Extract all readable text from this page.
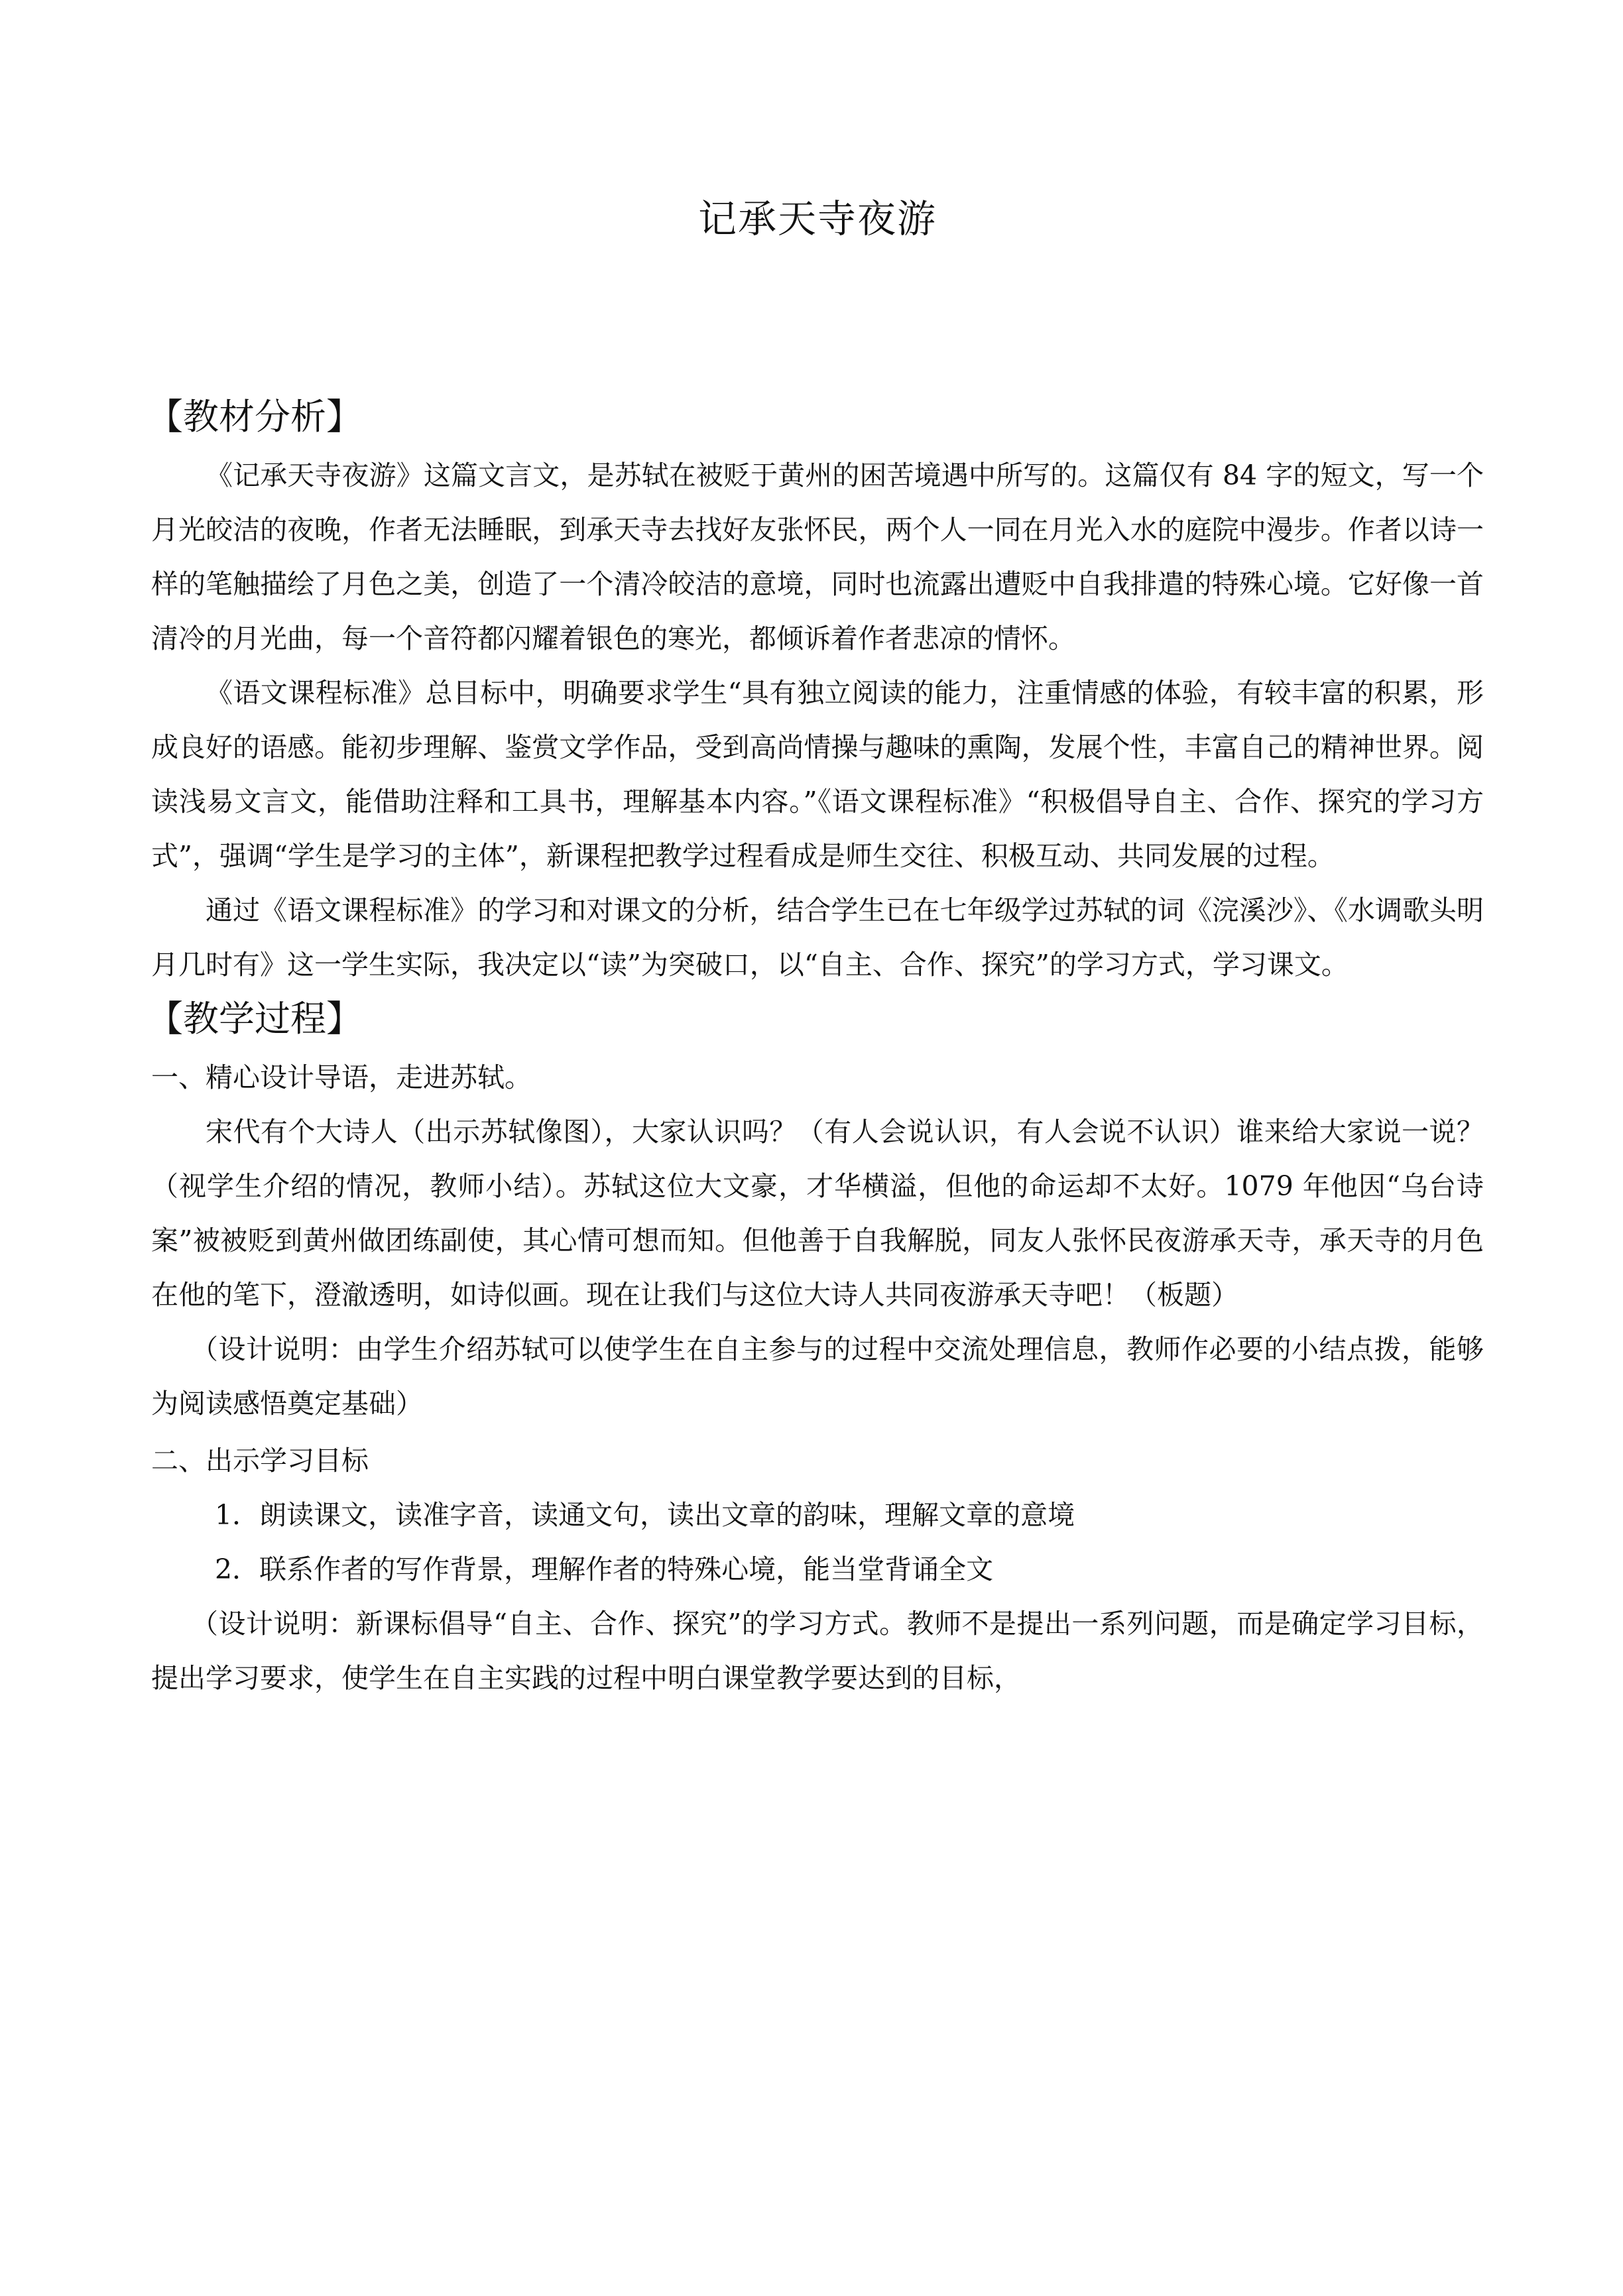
记承天寺夜游
【教材分析】

《记承天寺夜游》这篇文言文，是苏轼在被贬于黄州的困苦境遇中所写的。这篇仅有 84 字的短文，写一个月光皎洁的夜晚，作者无法睡眠，到承天寺去找好友张怀民，两个人一同在月光入水的庭院中漫步。作者以诗一样的笔触描绘了月色之美，创造了一个清冷皎洁的意境，同时也流露出遭贬中自我排遣的特殊心境。它好像一首清冷的月光曲，每一个音符都闪耀着银色的寒光，都倾诉着作者悲凉的情怀。

《语文课程标准》总目标中，明确要求学生“具有独立阅读的能力，注重情感的体验，有较丰富的积累，形成良好的语感。能初步理解、鉴赏文学作品，受到高尚情操与趣味的熏陶，发展个性，丰富自己的精神世界。阅读浅易文言文，能借助注释和工具书，理解基本内容。”《语文课程标准》“积极倡导自主、合作、探究的学习方式”，强调“学生是学习的主体”，新课程把教学过程看成是师生交往、积极互动、共同发展的过程。

通过《语文课程标准》的学习和对课文的分析，结合学生已在七年级学过苏轼的词《浣溪沙》、《水调歌头明月几时有》这一学生实际，我决定以“读”为突破口，以“自主、合作、探究”的学习方式，学习课文。

【教学过程】

一、精心设计导语，走进苏轼。

宋代有个大诗人（出示苏轼像图），大家认识吗？（有人会说认识，有人会说不认识）谁来给大家说一说？（视学生介绍的情况，教师小结）。苏轼这位大文豪，才华横溢，但他的命运却不太好。1079 年他因“乌台诗案”被被贬到黄州做团练副使，其心情可想而知。但他善于自我解脱，同友人张怀民夜游承天寺，承天寺的月色在他的笔下，澄澈透明，如诗似画。现在让我们与这位大诗人共同夜游承天寺吧！（板题）

（设计说明：由学生介绍苏轼可以使学生在自主参与的过程中交流处理信息，教师作必要的小结点拨，能够为阅读感悟奠定基础）

二、出示学习目标

1．朗读课文，读准字音，读通文句，读出文章的韵味，理解文章的意境

2．联系作者的写作背景，理解作者的特殊心境，能当堂背诵全文

（设计说明：新课标倡导“自主、合作、探究”的学习方式。教师不是提出一系列问题，而是确定学习目标，提出学习要求，使学生在自主实践的过程中明白课堂教学要达到的目标，
